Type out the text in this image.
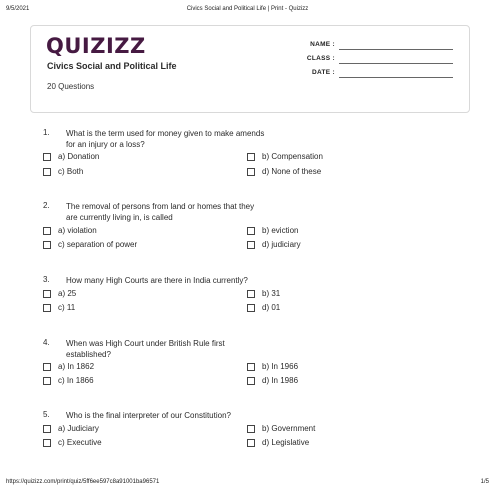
9/5/2021	Civics Social and Political Life | Print - Quizizz
QUIZIZZ
Civics Social and Political Life
20 Questions
NAME :
CLASS :
DATE :
1. What is the term used for money given to make amends
for an injury or a loss?
a) Donation	b) Compensation
c) Both	d) None of these
2. The removal of persons from land or homes that they
are currently living in, is called
a) violation	b) eviction
c) separation of power	d) judiciary
3. How many High Courts are there in India currently?
a) 25	b) 31
c) 11	d) 01
4. When was High Court under British Rule first
established?
a) In 1862	b) In 1966
c) In 1866	d) In 1986
5. Who is the final interpreter of our Constitution?
a) Judiciary	b) Government
c) Executive	d) Legislative
https://quizizz.com/print/quiz/5ff6ee597c8a91001ba96571	1/5
